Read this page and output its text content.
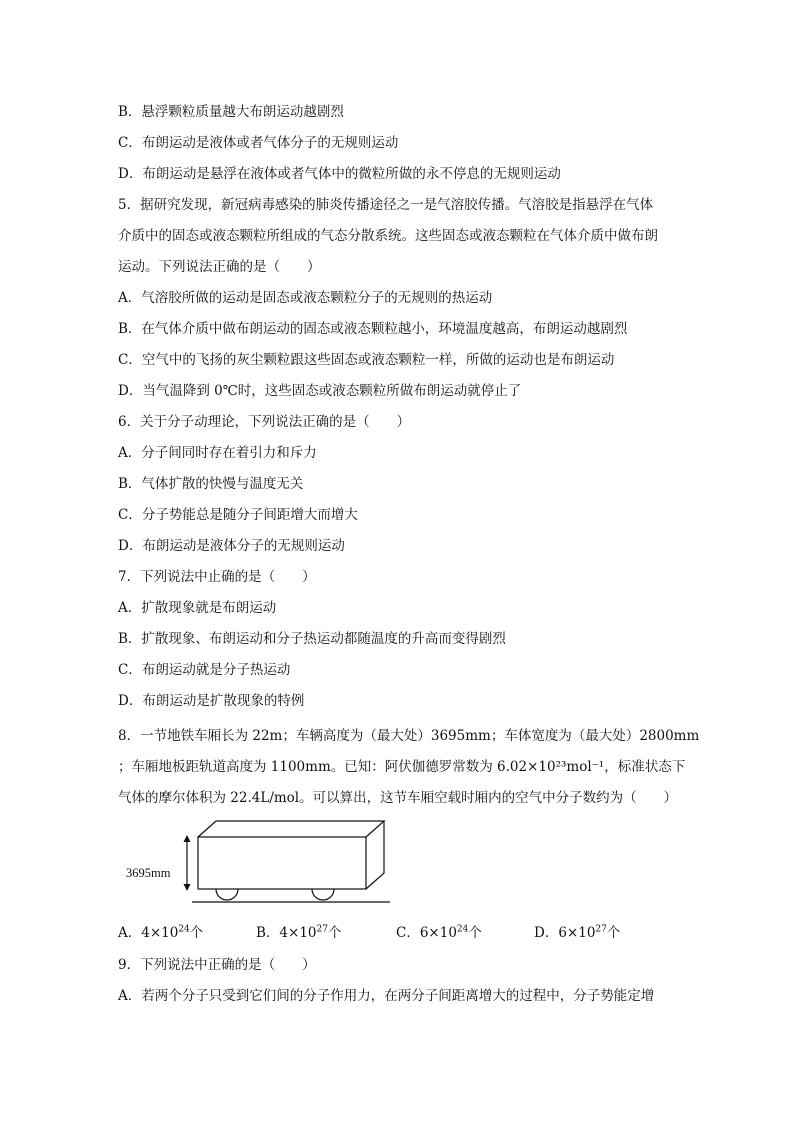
B．悬浮颗粒质量越大布朗运动越剧烈
C．布朗运动是液体或者气体分子的无规则运动
D．布朗运动是悬浮在液体或者气体中的微粒所做的永不停息的无规则运动
5．据研究发现，新冠病毒感染的肺炎传播途径之一是气溶胶传播。气溶胶是指悬浮在气体
介质中的固态或液态颗粒所组成的气态分散系统。这些固态或液态颗粒在气体介质中做布朗
运动。下列说法正确的是（　　）
A．气溶胶所做的运动是固态或液态颗粒分子的无规则的热运动
B．在气体介质中做布朗运动的固态或液态颗粒越小，环境温度越高，布朗运动越剧烈
C．空气中的飞扬的灰尘颗粒跟这些固态或液态颗粒一样，所做的运动也是布朗运动
D．当气温降到 0℃时，这些固态或液态颗粒所做布朗运动就停止了
6．关于分子动理论，下列说法正确的是（　　）
A．分子间同时存在着引力和斥力
B．气体扩散的快慢与温度无关
C．分子势能总是随分子间距增大而增大
D．布朗运动是液体分子的无规则运动
7．下列说法中止确的是（　　）
A．扩散现象就是布朗运动
B．扩散现象、布朗运动和分子热运动都随温度的升高而变得剧烈
C．布朗运动就是分子热运动
D．布朗运动是扩散现象的特例
8．一节地铁车厢长为 22m；车辆高度为（最大处）3695mm；车体宽度为（最大处）2800mm
；车厢地板距轨道高度为 1100mm。已知：阿伏伽德罗常数为 6.02×10²³mol⁻¹，标准状态下
气体的摩尔体积为 22.4L/mol。可以算出，这节车厢空载时厢内的空气中分子数约为（　　）
3695mm
A．$4\times 10^{24}$个	B．$4\times 10^{27}$个	C．$6\times 10^{24}$个	D．$6\times 10^{27}$个
9．下列说法中正确的是（　　）
A．若两个分子只受到它们间的分子作用力，在两分子间距离增大的过程中，分子势能定增
